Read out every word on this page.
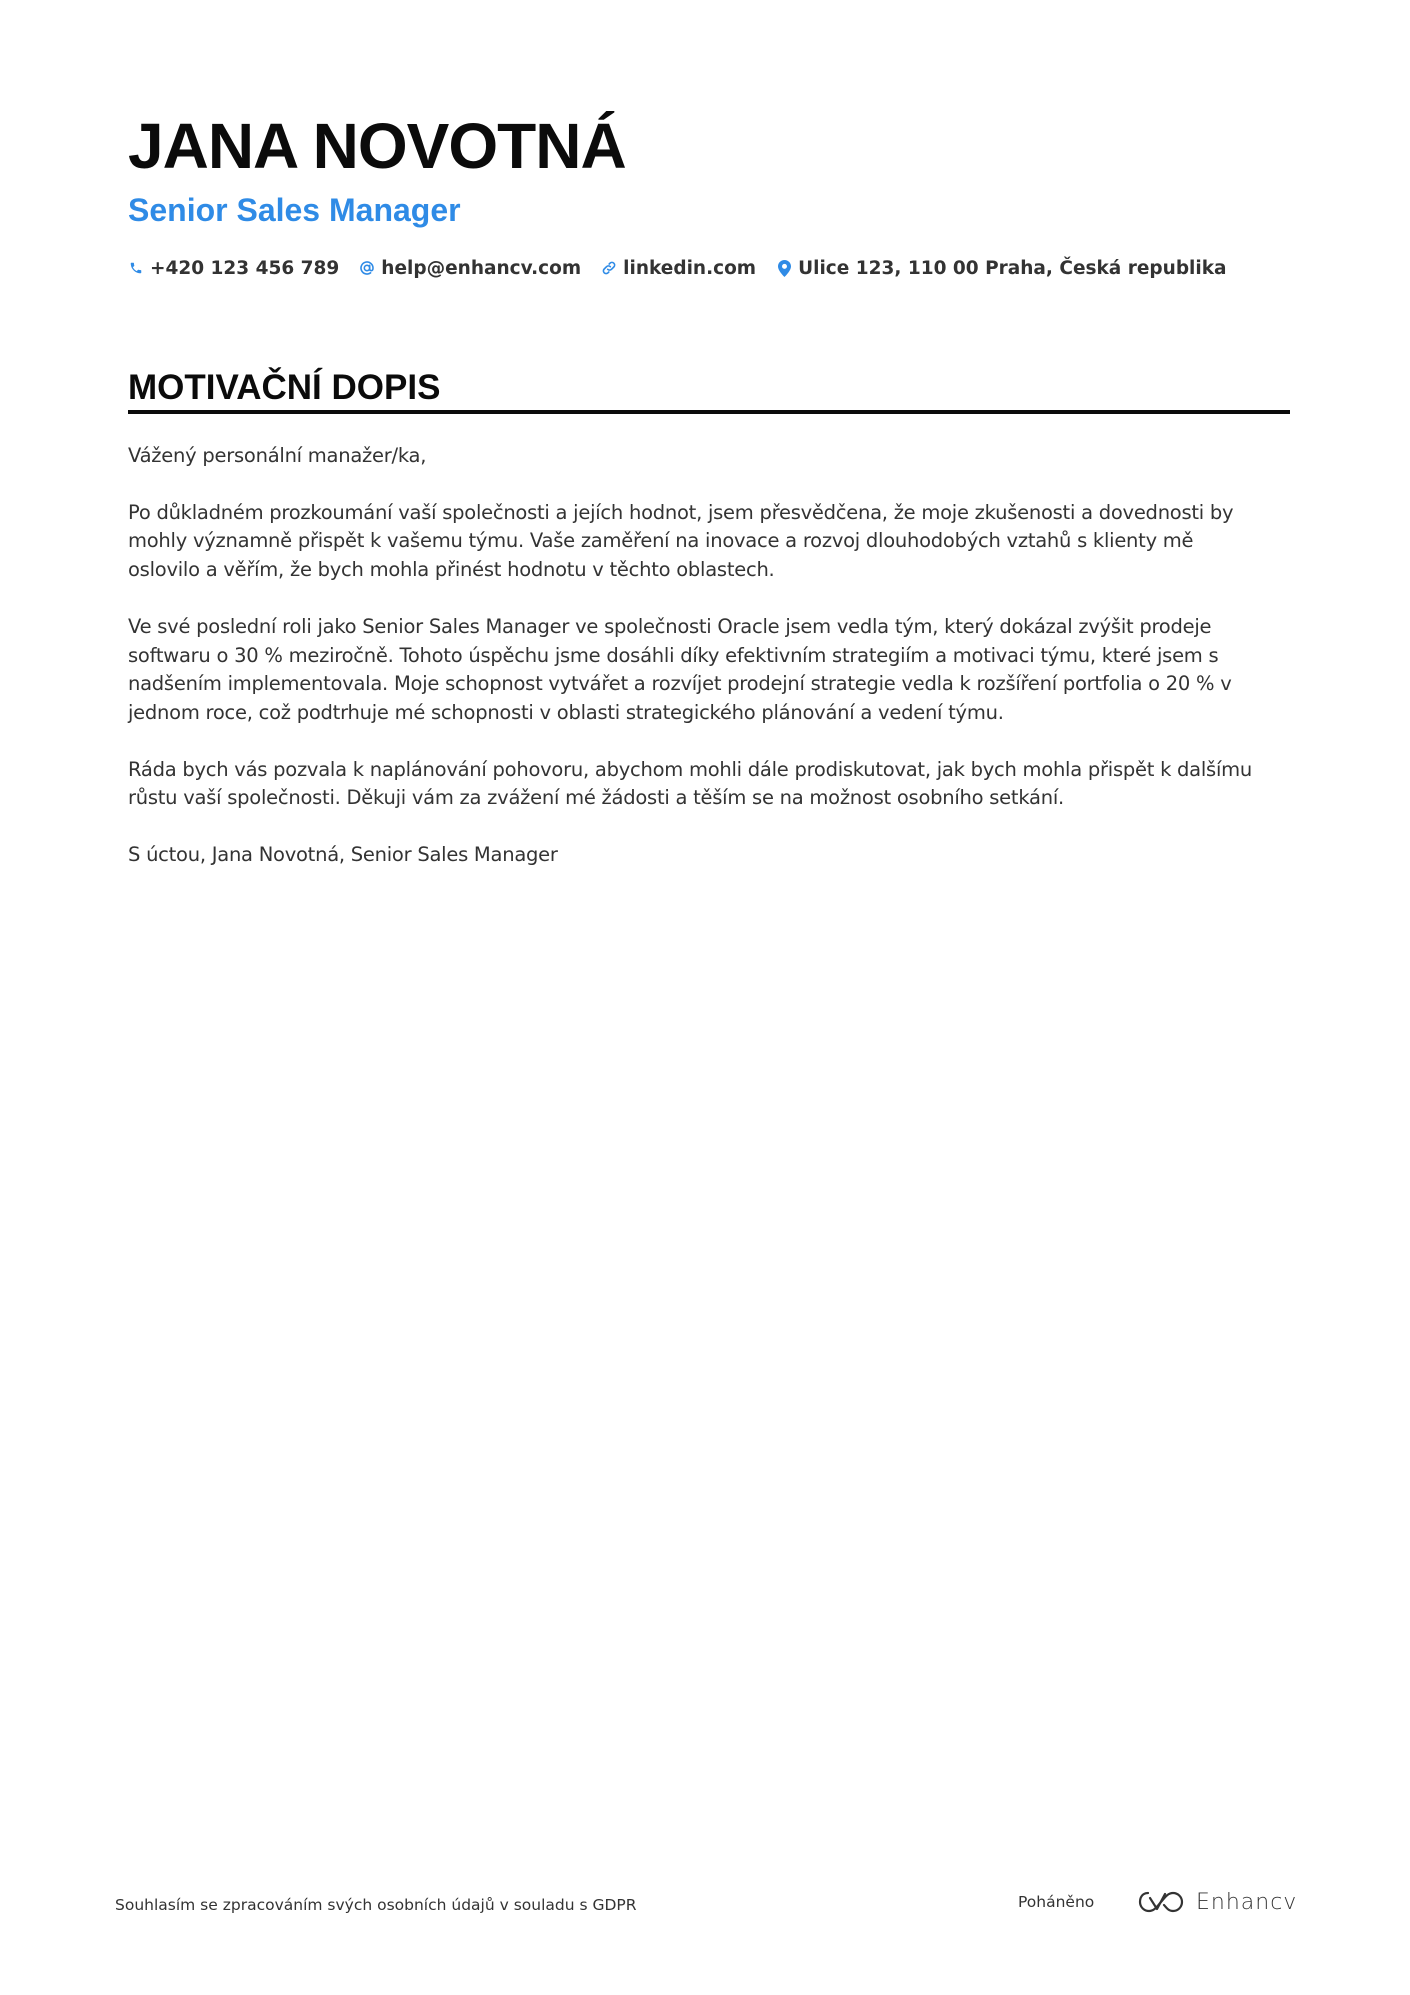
JANA NOVOTNÁ
Senior Sales Manager
+420 123 456 789 help@enhancv.com linkedin.com Ulice 123, 110 00 Praha, Česká republika
MOTIVAČNÍ DOPIS

Vážený personální manažer/ka,

Po důkladném prozkoumání vaší společnosti a jejích hodnot, jsem přesvědčena, že moje zkušenosti a dovednosti by
mohly významně přispět k vašemu týmu. Vaše zaměření na inovace a rozvoj dlouhodobých vztahů s klienty mě
oslovilo a věřím, že bych mohla přinést hodnotu v těchto oblastech.

Ve své poslední roli jako Senior Sales Manager ve společnosti Oracle jsem vedla tým, který dokázal zvýšit prodeje
softwaru o 30 % meziročně. Tohoto úspěchu jsme dosáhli díky efektivním strategiím a motivaci týmu, které jsem s
nadšením implementovala. Moje schopnost vytvářet a rozvíjet prodejní strategie vedla k rozšíření portfolia o 20 % v
jednom roce, což podtrhuje mé schopnosti v oblasti strategického plánování a vedení týmu.

Ráda bych vás pozvala k naplánování pohovoru, abychom mohli dále prodiskutovat, jak bych mohla přispět k dalšímu
růstu vaší společnosti. Děkuji vám za zvážení mé žádosti a těším se na možnost osobního setkání.

S úctou, Jana Novotná, Senior Sales Manager

Souhlasím se zpracováním svých osobních údajů v souladu s GDPR	Poháněno	Enhancv
